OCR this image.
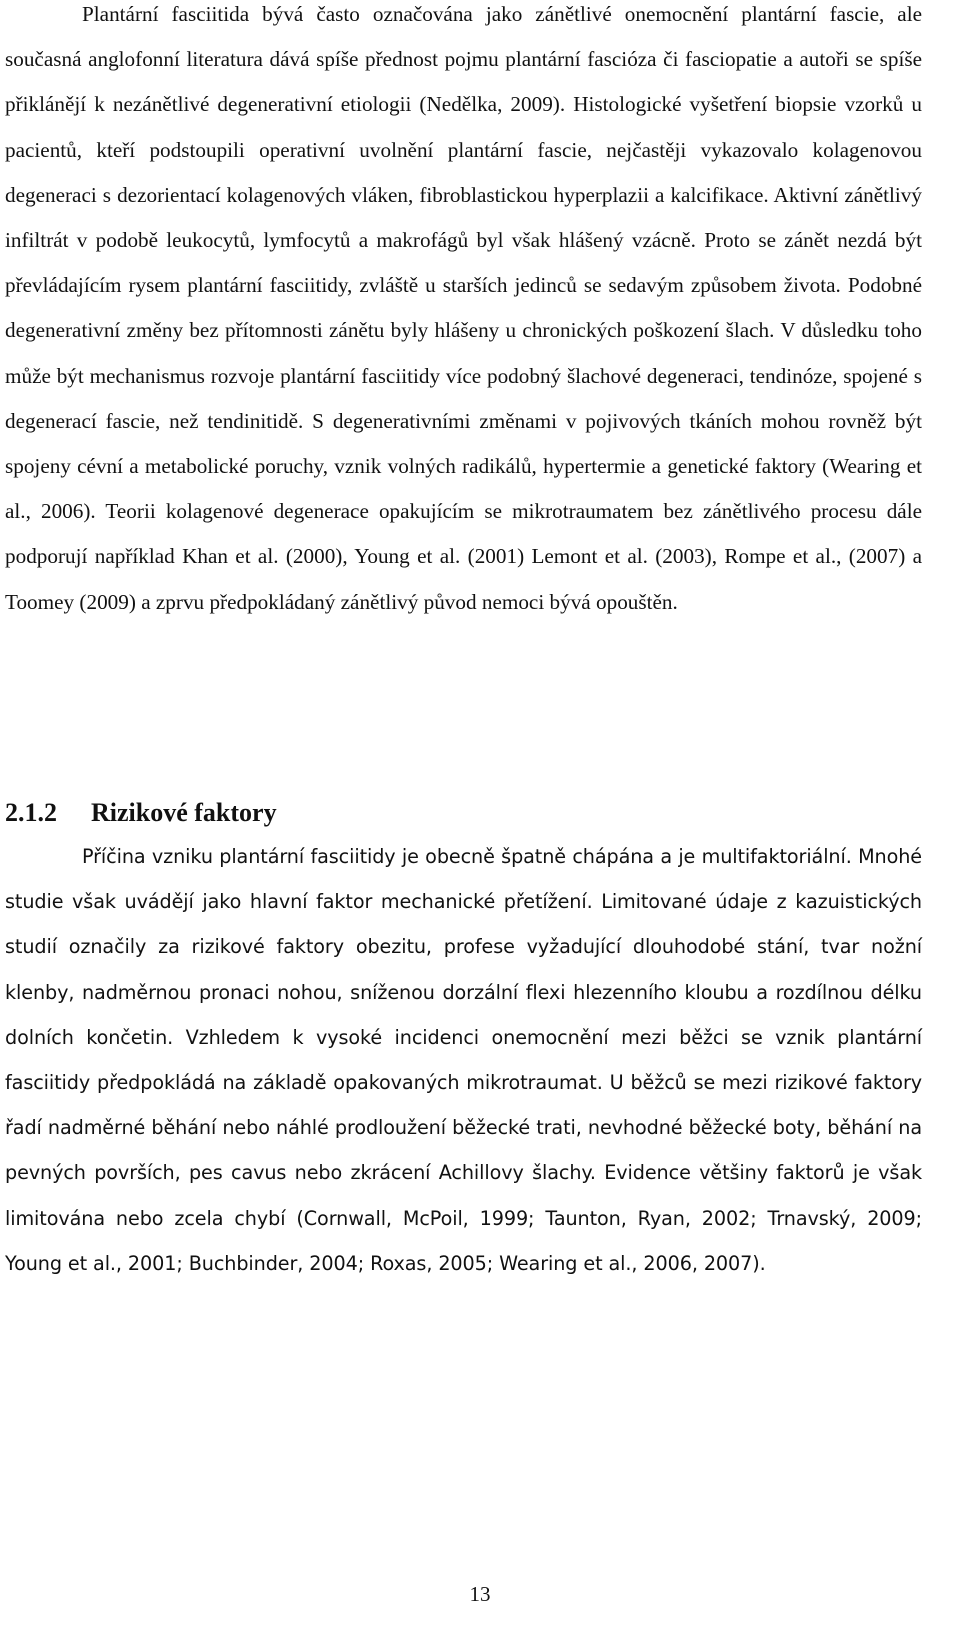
Plantární fasciitida bývá často označována jako zánětlivé onemocnění plantární fascie, ale současná anglofonní literatura dává spíše přednost pojmu plantární fascióza či fasciopatie a autoři se spíše přiklánějí k nezánětlivé degenerativní etiologii (Nedělka, 2009). Histologické vyšetření biopsie vzorků u pacientů, kteří podstoupili operativní uvolnění plantární fascie, nejčastěji vykazovalo kolagenovou degeneraci s dezorientací kolagenových vláken, fibroblastickou hyperplazii a kalcifikace. Aktivní zánětlivý infiltrát v podobě leukocytů, lymfocytů a makrofágů byl však hlášený vzácně. Proto se zánět nezdá být převládajícím rysem plantární fasciitidy, zvláště u starších jedinců se sedavým způsobem života. Podobné degenerativní změny bez přítomnosti zánětu byly hlášeny u chronických poškození šlach. V důsledku toho může být mechanismus rozvoje plantární fasciitidy více podobný šlachové degeneraci, tendinóze, spojené s degenerací fascie, než tendinitidě. S degenerativními změnami v pojivových tkáních mohou rovněž být spojeny cévní a metabolické poruchy, vznik volných radikálů, hypertermie a genetické faktory (Wearing et al., 2006). Teorii kolagenové degenerace opakujícím se mikrotraumatem bez zánětlivého procesu dále podporují například Khan et al. (2000), Young et al. (2001) Lemont et al. (2003), Rompe et al., (2007) a Toomey (2009) a zprvu předpokládaný zánětlivý původ nemoci bývá opouštěn.

2.1.2 Rizikové faktory

Příčina vzniku plantární fasciitidy je obecně špatně chápána a je multifaktoriální. Mnohé studie však uvádějí jako hlavní faktor mechanické přetížení. Limitované údaje z kazuistických studií označily za rizikové faktory obezitu, profese vyžadující dlouhodobé stání, tvar nožní klenby, nadměrnou pronaci nohou, sníženou dorzální flexi hlezenního kloubu a rozdílnou délku dolních končetin. Vzhledem k vysoké incidenci onemocnění mezi běžci se vznik plantární fasciitidy předpokládá na základě opakovaných mikrotraumat. U běžců se mezi rizikové faktory řadí nadměrné běhání nebo náhlé prodloužení běžecké trati, nevhodné běžecké boty, běhání na pevných površích, pes cavus nebo zkrácení Achillovy šlachy. Evidence většiny faktorů je však limitována nebo zcela chybí (Cornwall, McPoil, 1999; Taunton, Ryan, 2002; Trnavský, 2009; Young et al., 2001; Buchbinder, 2004; Roxas, 2005; Wearing et al., 2006, 2007).

13
